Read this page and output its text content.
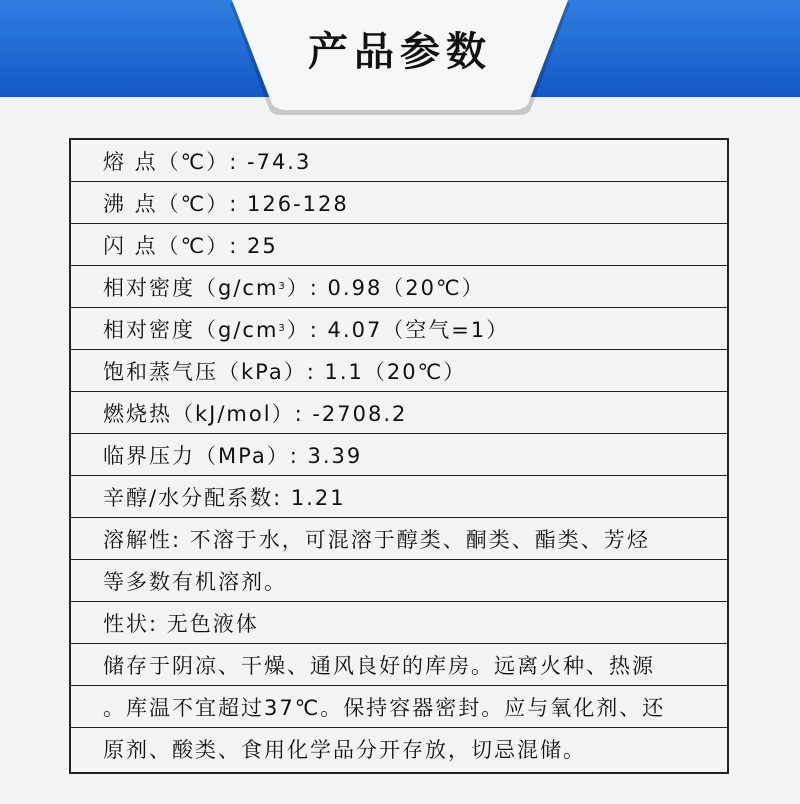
产品参数
熔 点（℃）: -74.3
沸 点（℃）: 126-128
闪 点（℃）: 25
相对密度（g/cm 3 ）: 0.98（20℃）
相对密度（g/cm 3 ）: 4.07（空气=1）
饱和蒸气压（kPa）: 1.1（20℃）
燃烧热（kJ/mol）: -2708.2
临界压力（MPa）: 3.39
辛醇/水分配系数: 1.21
溶解性: 不溶于水，可混溶于醇类、酮类、酯类、芳烃
等多数有机溶剂。
性状: 无色液体
储存于阴凉、干燥、通风良好的库房。远离火种、热源
。库温不宜超过37℃。保持容器密封。应与氧化剂、还
原剂、酸类、食用化学品分开存放，切忌混储。
